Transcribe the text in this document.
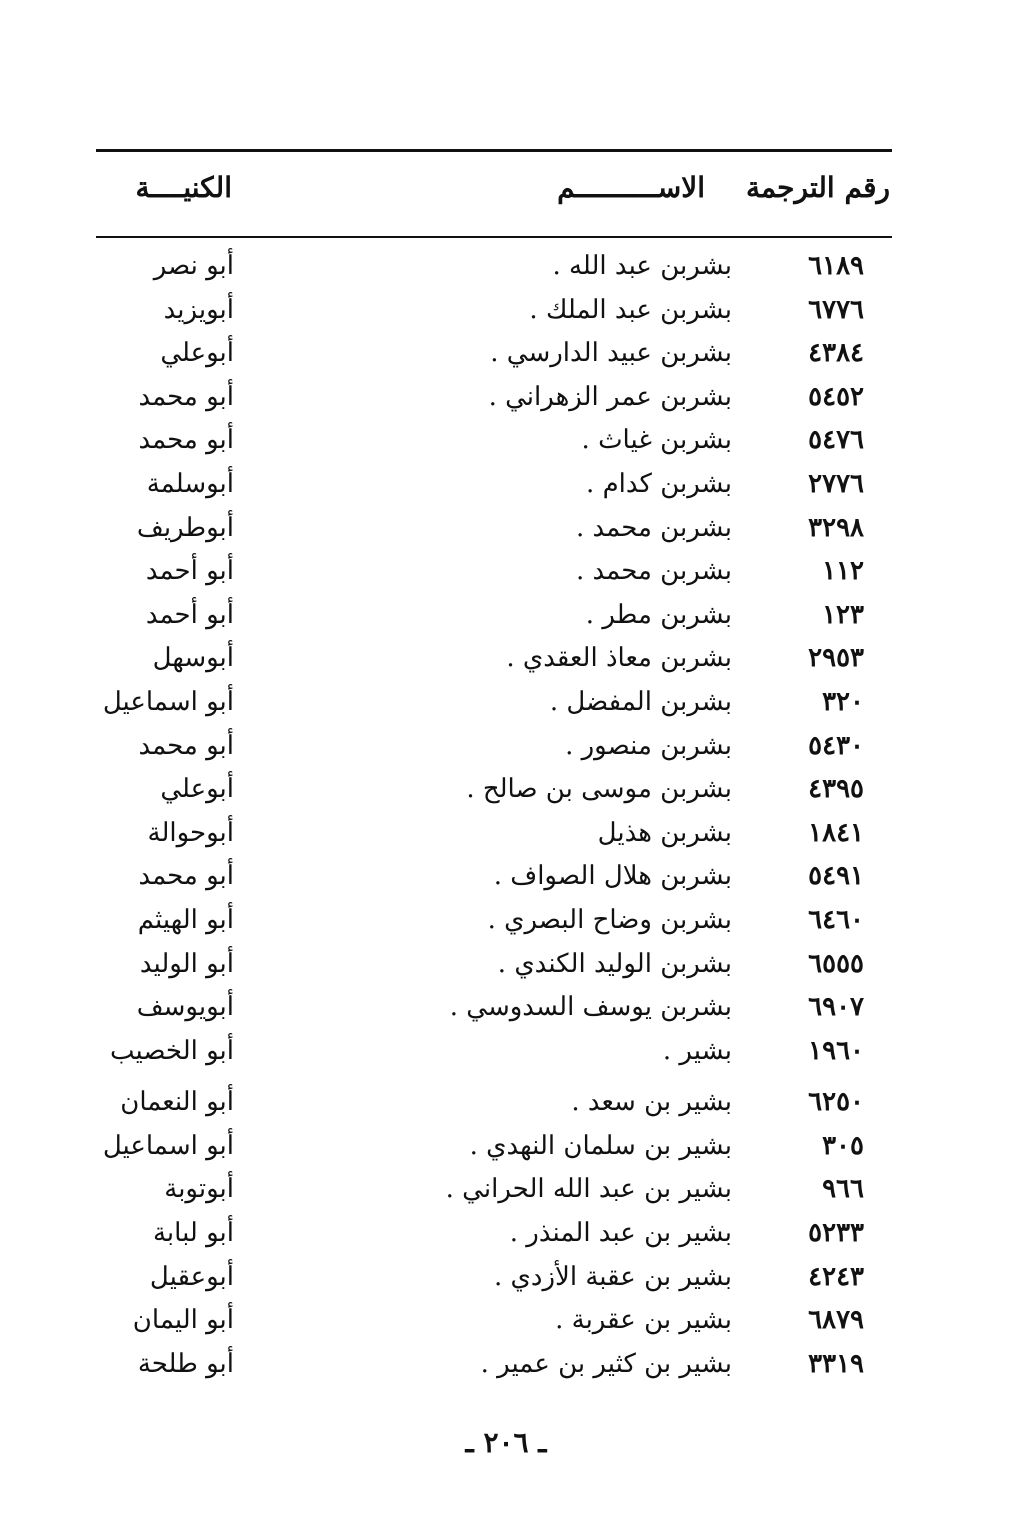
رقم الترجمة
الاســــــــــم
الكنيــــة
٦١٨٩
بشربن عبد الله .
أبو نصر
٦٧٧٦
بشربن عبد الملك .
أبويزيد
٤٣٨٤
بشربن عبيد الدارسي .
أبوعلي
٥٤٥٢
بشربن عمر الزهراني .
أبو محمد
٥٤٧٦
بشربن غياث .
أبو محمد
٢٧٧٦
بشربن كدام .
أبوسلمة
٣٢٩٨
بشربن محمد .
أبوطريف
١١٢
بشربن محمد .
أبو أحمد
١٢٣
بشربن مطر .
أبو أحمد
٢٩٥٣
بشربن معاذ العقدي .
أبوسهل
٣٢٠
بشربن المفضل .
أبو اسماعيل
٥٤٣٠
بشربن منصور .
أبو محمد
٤٣٩٥
بشربن موسى بن صالح .
أبوعلي
١٨٤١
بشربن هذيل
أبوحوالة
٥٤٩١
بشربن هلال الصواف .
أبو محمد
٦٤٦٠
بشربن وضاح البصري .
أبو الهيثم
٦٥٥٥
بشربن الوليد الكندي .
أبو الوليد
٦٩٠٧
بشربن يوسف السدوسي .
أبويوسف
١٩٦٠
بشير .
أبو الخصيب
٦٢٥٠
بشير بن سعد .
أبو النعمان
٣٠٥
بشير بن سلمان النهدي .
أبو اسماعيل
٩٦٦
بشير بن عبد الله الحراني .
أبوتوبة
٥٢٣٣
بشير بن عبد المنذر .
أبو لبابة
٤٢٤٣
بشير بن عقبة الأزدي .
أبوعقيل
٦٨٧٩
بشير بن عقربة .
أبو اليمان
٣٣١٩
بشير بن كثير بن عمير .
أبو طلحة
ـ ٢٠٦ ـ
